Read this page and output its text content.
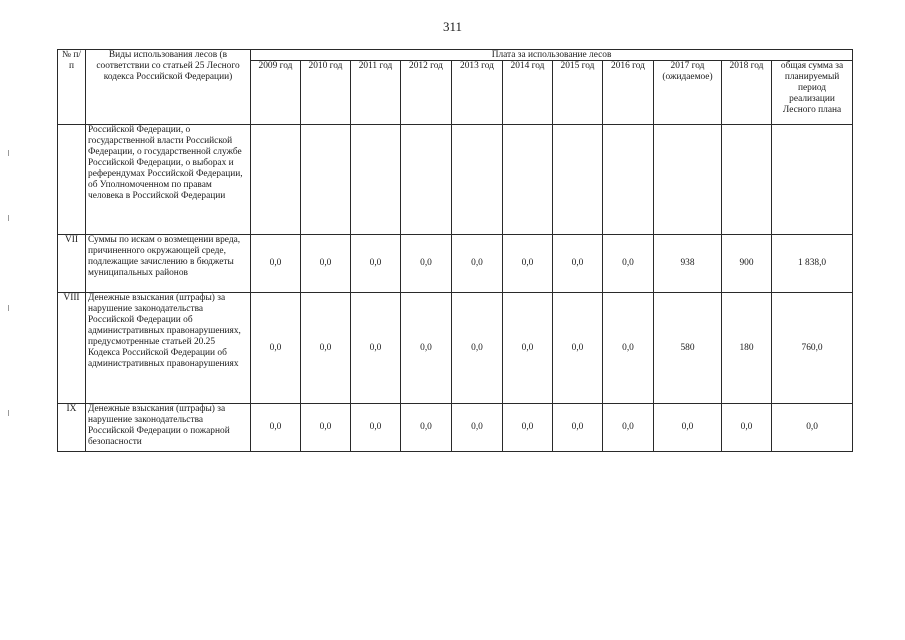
311
№ п/п	Виды использования лесов (в соответствии со статьей 25 Лесного кодекса Российской Федерации)	Плата за использование лесов										
		2009 год	2010 год	2011 год	2012 год	2013 год	2014 год	2015 год	2016 год	2017 год (ожидаемое)	2018 год	общая сумма за планируемый период реализации Лесного плана
	Российской Федерации, о государственной власти Российской Федерации, о государственной службе Российской Федерации, о выборах и референдумах Российской Федерации, об Уполномоченном по правам человека в Российской Федерации											
VII	Суммы по искам о возмещении вреда, причиненного окружающей среде, подлежащие зачислению в бюджеты муниципальных районов	0,0	0,0	0,0	0,0	0,0	0,0	0,0	0,0	938	900	1 838,0
VIII	Денежные взыскания (штрафы) за нарушение законодательства Российской Федерации об административных правонарушениях, предусмотренные статьей 20.25 Кодекса Российской Федерации об административных правонарушениях	0,0	0,0	0,0	0,0	0,0	0,0	0,0	0,0	580	180	760,0
IX	Денежные взыскания (штрафы) за нарушение законодательства Российской Федерации о пожарной безопасности	0,0	0,0	0,0	0,0	0,0	0,0	0,0	0,0	0,0	0,0	0,0
